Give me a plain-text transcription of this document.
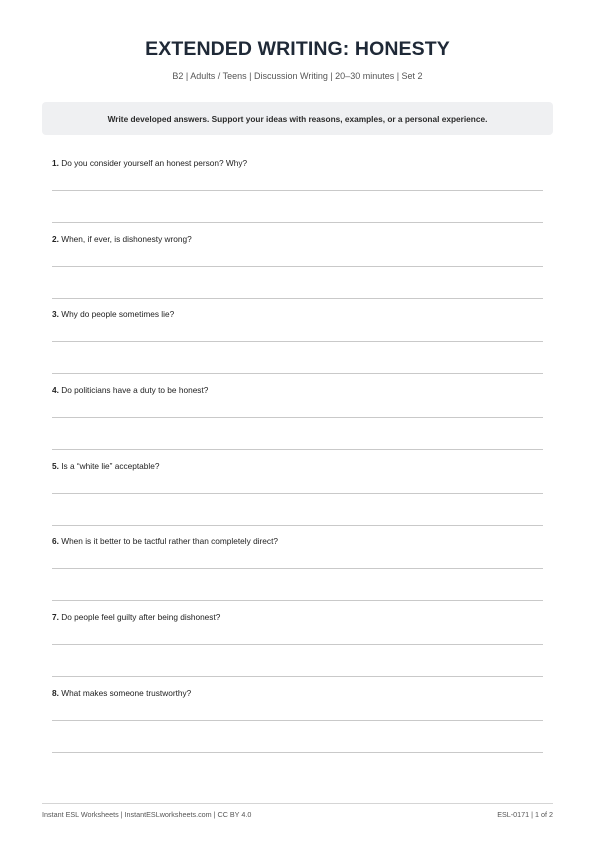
EXTENDED WRITING: HONESTY
B2 | Adults / Teens | Discussion Writing | 20–30 minutes | Set 2
Write developed answers. Support your ideas with reasons, examples, or a personal experience.
1. Do you consider yourself an honest person? Why?
2. When, if ever, is dishonesty wrong?
3. Why do people sometimes lie?
4. Do politicians have a duty to be honest?
5. Is a “white lie” acceptable?
6. When is it better to be tactful rather than completely direct?
7. Do people feel guilty after being dishonest?
8. What makes someone trustworthy?
Instant ESL Worksheets | InstantESLworksheets.com | CC BY 4.0	ESL-0171 | 1 of 2
